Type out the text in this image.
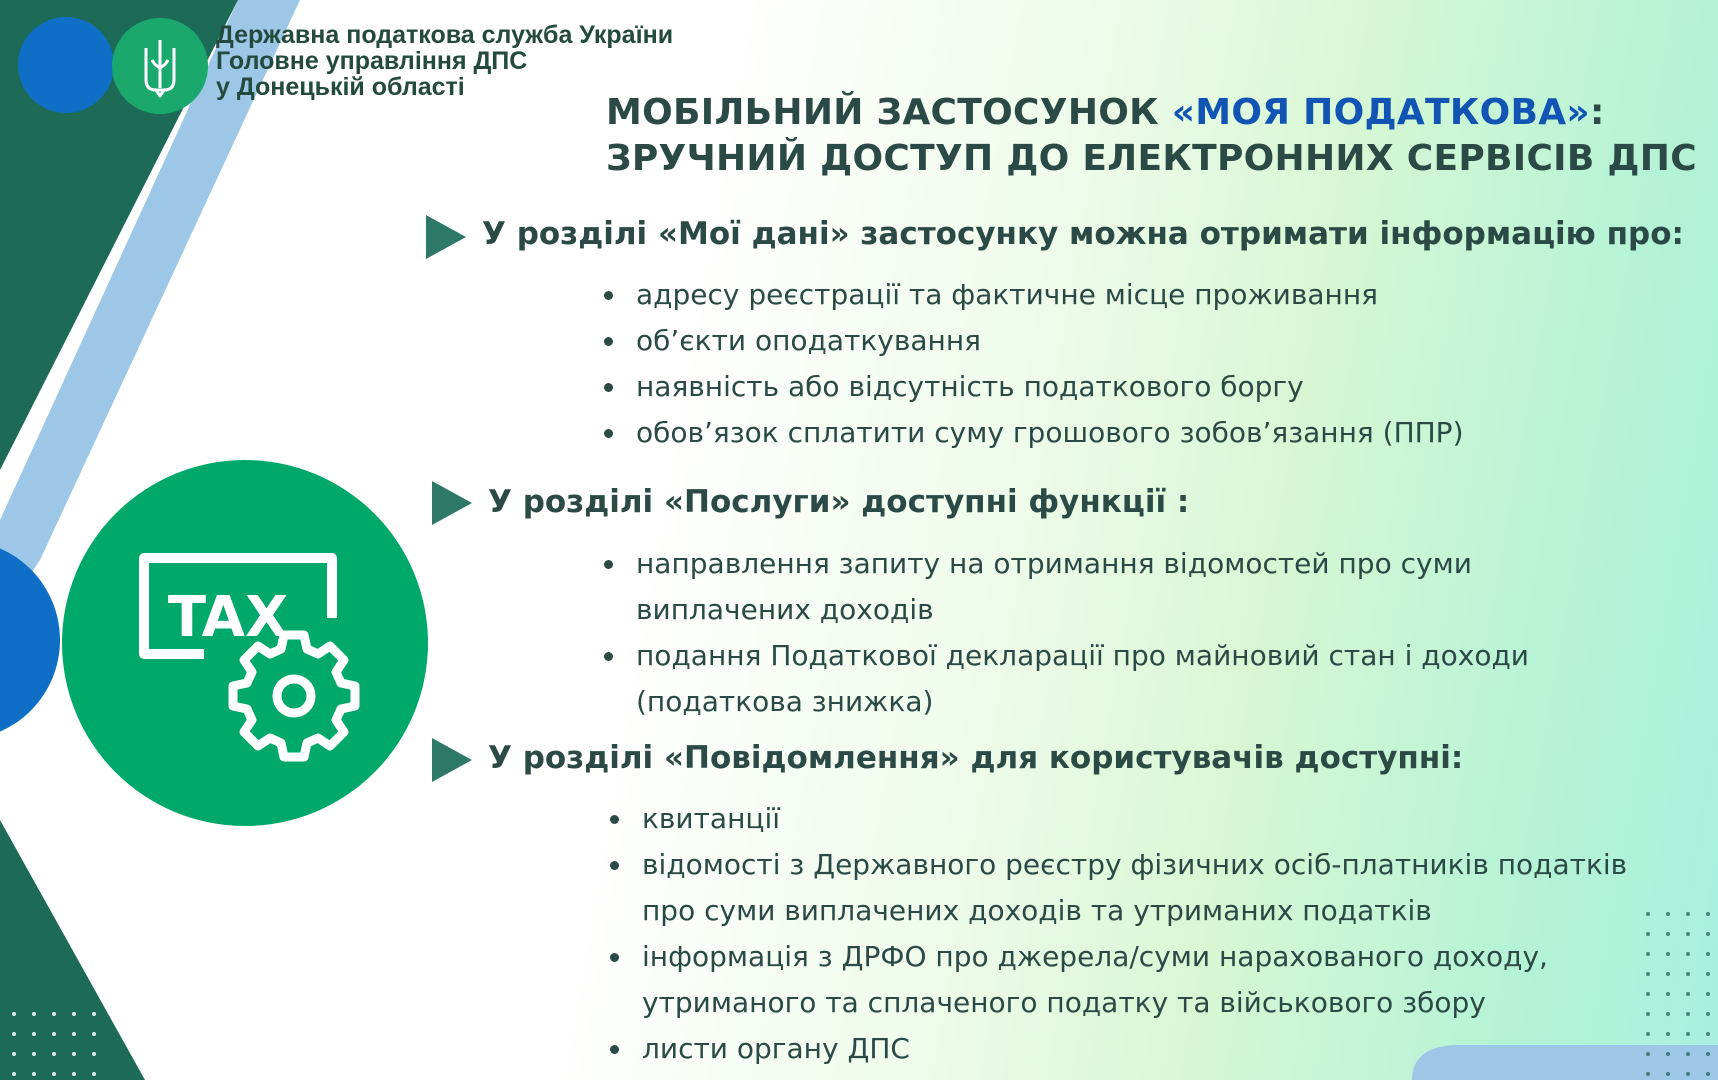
Державна податкова служба України
Головне управління ДПС
у Донецькій області
МОБІЛЬНИЙ ЗАСТОСУНОК «МОЯ ПОДАТКОВА»:
ЗРУЧНИЙ ДОСТУП ДО ЕЛЕКТРОННИХ СЕРВІСІВ ДПС
У розділі «Мої дані» застосунку можна отримати інформацію про:
адресу реєстрації та фактичне місце проживання
об’єкти оподаткування
наявність або відсутність податкового боргу
обов’язок сплатити суму грошового зобов’язання (ППР)
У розділі «Послуги» доступні функції :
направлення запиту на отримання відомостей про суми
виплачених доходів
подання Податкової декларації про майновий стан і доходи
(податкова знижка)
У розділі «Повідомлення» для користувачів доступні:
квитанції
відомості з Державного реєстру фізичних осіб-платників податків
про суми виплачених доходів та утриманих податків
інформація з ДРФО про джерела/суми нарахованого доходу,
утриманого та сплаченого податку та військового збору
листи органу ДПС
TAX
